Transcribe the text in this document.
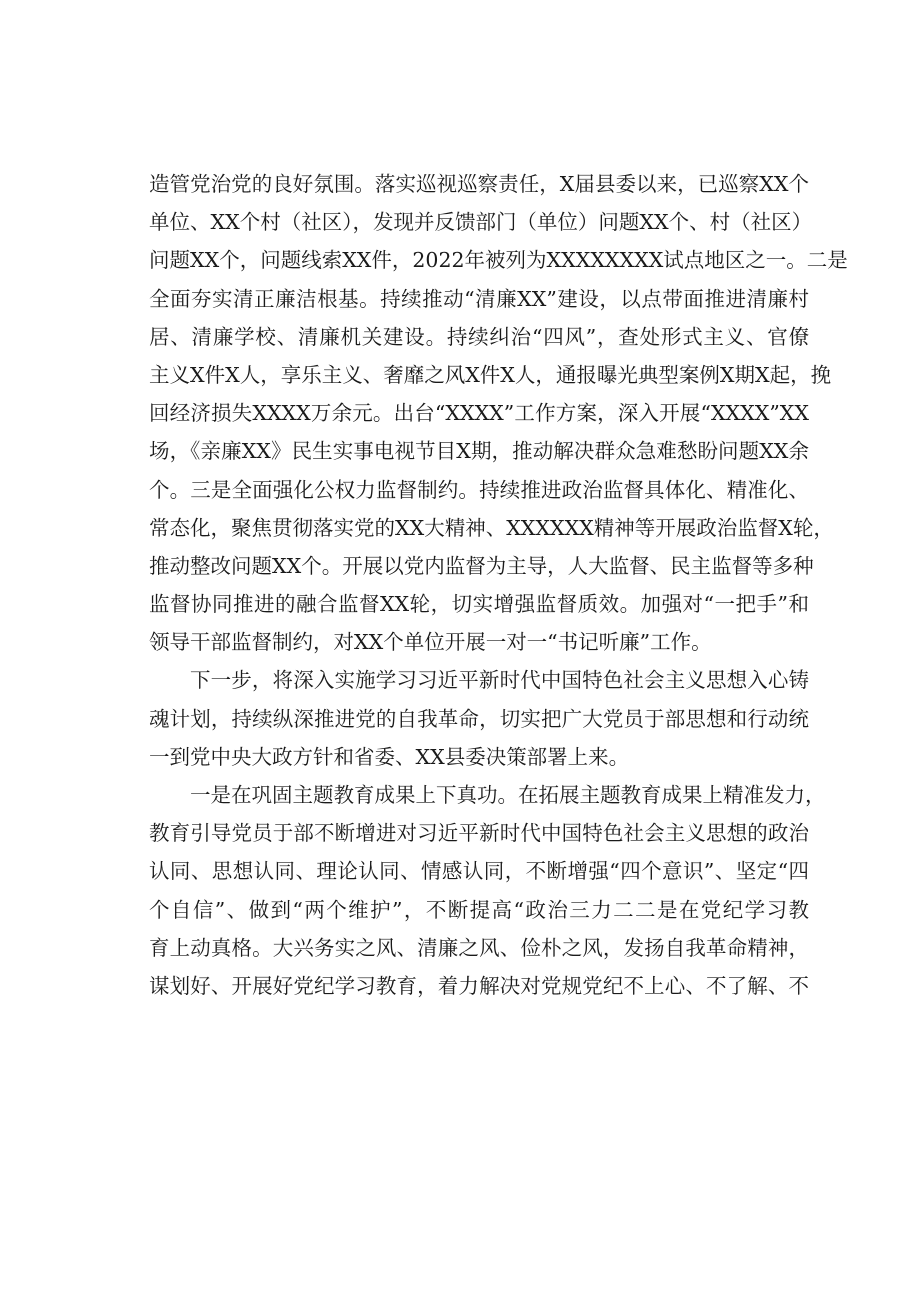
造管党治党的良好氛围。落实巡视巡察责任，X届县委以来，已巡察XX个
单位、XX个村（社区），发现并反馈部门（单位）问题XX个、村（社区）
问题XX个，问题线索XX件，2022年被列为XXXXXXXX试点地区之一。二是
全面夯实清正廉洁根基。持续推动“清廉XX”建设，以点带面推进清廉村
居、清廉学校、清廉机关建设。持续纠治“四风”，查处形式主义、官僚
主义X件X人，享乐主义、奢靡之风X件X人，通报曝光典型案例X期X起，挽
回经济损失XXXX万余元。出台“XXXX”工作方案，深入开展“XXXX”XX
场，《亲廉XX》民生实事电视节目X期，推动解决群众急难愁盼问题XX余
个。三是全面强化公权力监督制约。持续推进政治监督具体化、精准化、
常态化，聚焦贯彻落实党的XX大精神、XXXXXX精神等开展政治监督X轮，
推动整改问题XX个。开展以党内监督为主导，人大监督、民主监督等多种
监督协同推进的融合监督XX轮，切实增强监督质效。加强对“一把手”和
领导干部监督制约，对XX个单位开展一对一“书记听廉”工作。
下一步，将深入实施学习习近平新时代中国特色社会主义思想入心铸
魂计划，持续纵深推进党的自我革命，切实把广大党员于部思想和行动统
一到党中央大政方针和省委、XX县委决策部署上来。
一是在巩固主题教育成果上下真功。在拓展主题教育成果上精准发力，
教育引导党员于部不断增进对习近平新时代中国特色社会主义思想的政治
认同、思想认同、理论认同、情感认同，不断增强“四个意识”、坚定“四
个自信”、做到“两个维护”，不断提高“政治三力二二是在党纪学习教
育上动真格。大兴务实之风、清廉之风、俭朴之风，发扬自我革命精神，
谋划好、开展好党纪学习教育，着力解决对党规党纪不上心、不了解、不
